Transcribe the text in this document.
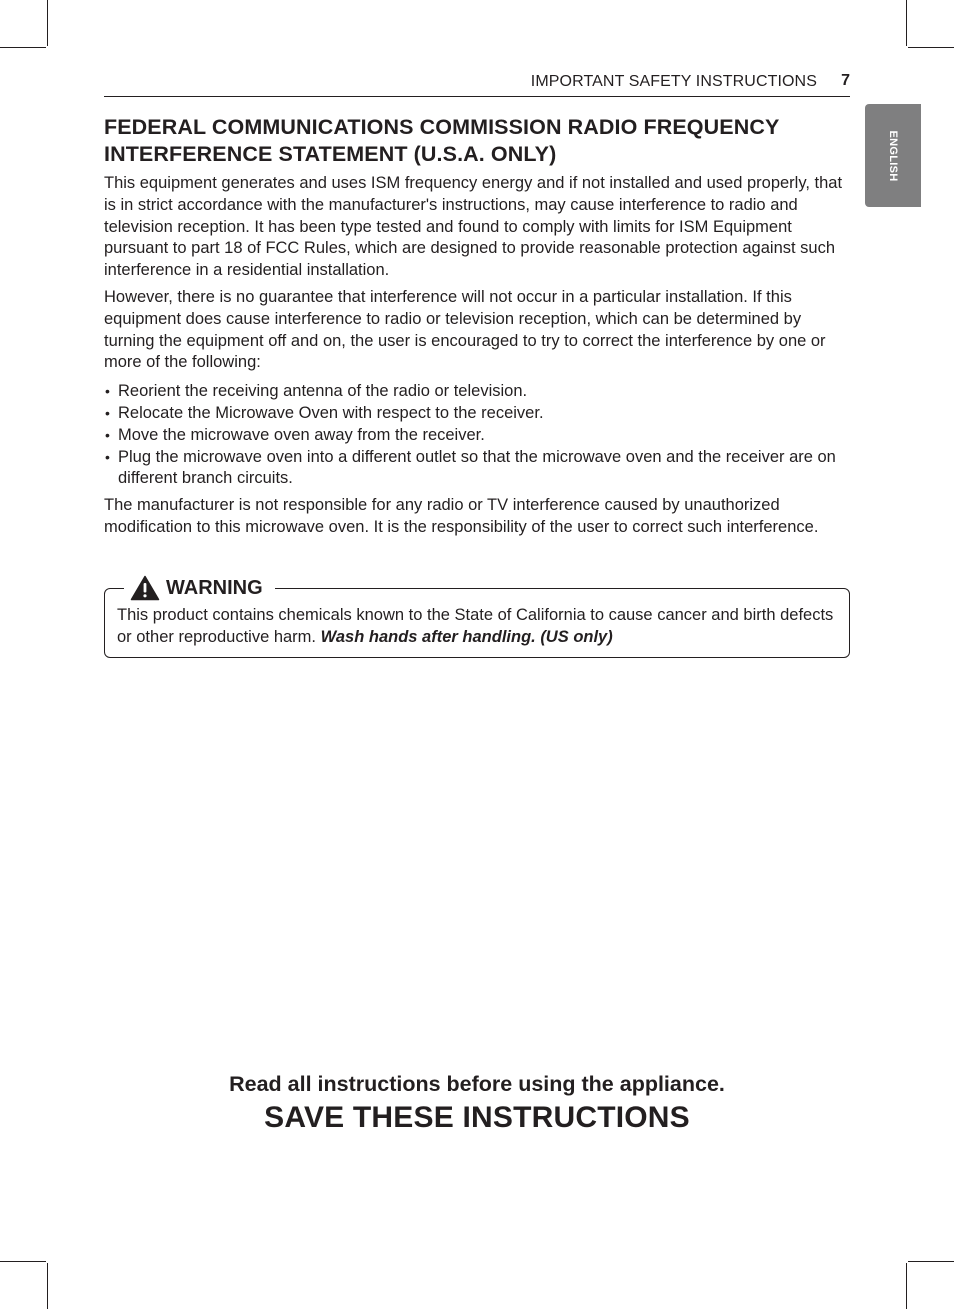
IMPORTANT SAFETY INSTRUCTIONS 7
ENGLISH
FEDERAL COMMUNICATIONS COMMISSION RADIO FREQUENCY
INTERFERENCE STATEMENT (U.S.A. ONLY)

This equipment generates and uses ISM frequency energy and if not installed and used properly, that is in strict accordance with the manufacturer's instructions, may cause interference to radio and television reception. It has been type tested and found to comply with limits for ISM Equipment pursuant to part 18 of FCC Rules, which are designed to provide reasonable protection against such interference in a residential installation.

However, there is no guarantee that interference will not occur in a particular installation. If this equipment does cause interference to radio or television reception, which can be determined by turning the equipment off and on, the user is encouraged to try to correct the interference by one or more of the following:

• Reorient the receiving antenna of the radio or television.
• Relocate the Microwave Oven with respect to the receiver.
• Move the microwave oven away from the receiver.
• Plug the microwave oven into a different outlet so that the microwave oven and the receiver are on different branch circuits.

The manufacturer is not responsible for any radio or TV interference caused by unauthorized modification to this microwave oven. It is the responsibility of the user to correct such interference.

WARNING
This product contains chemicals known to the State of California to cause cancer and birth defects or other reproductive harm. Wash hands after handling. (US only)
Read all instructions before using the appliance.
SAVE THESE INSTRUCTIONS
